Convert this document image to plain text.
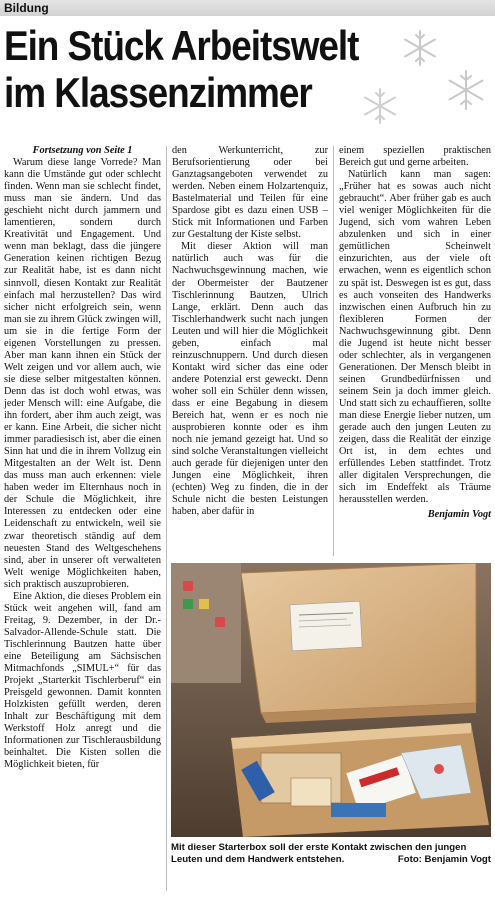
Bildung
Ein Stück Arbeitswelt
im Klassenzimmer

Fortsetzung von Seite 1

Warum diese lange Vorrede? Man kann die Umstände gut oder schlecht finden. Wenn man sie schlecht findet, muss man sie ändern. Und das geschieht nicht durch jammern und lamentieren, sondern durch Kreativität und Engagement. Und wenn man beklagt, dass die jüngere Generation keinen richtigen Bezug zur Realität habe, ist es dann nicht sinnvoll, diesen Kontakt zur Realität einfach mal herzustellen? Das wird sicher nicht erfolgreich sein, wenn man sie zu ihrem Glück zwingen will, um sie in die fertige Form der eigenen Vorstellungen zu pressen. Aber man kann ihnen ein Stück der Welt zeigen und vor allem auch, wie sie diese selber mitgestalten können. Denn das ist doch wohl etwas, was jeder Mensch will: eine Aufgabe, die ihn fordert, aber ihm auch zeigt, was er kann. Eine Arbeit, die sicher nicht immer paradiesisch ist, aber die einen Sinn hat und die in ihrem Vollzug ein Mitgestalten an der Welt ist. Denn das muss man auch erkennen: viele haben weder im Elternhaus noch in der Schule die Möglichkeit, ihre Interessen zu entdecken oder eine Leidenschaft zu entwickeln, weil sie zwar theoretisch ständig auf dem neuesten Stand des Weltgeschehens sind, aber in unserer oft verwalteten Welt wenige Möglichkeiten haben, sich praktisch auszuprobieren.

Eine Aktion, die dieses Problem ein Stück weit angehen will, fand am Freitag, 9. Dezember, in der Dr.-Salvador-Allende-Schule statt. Die Tischlerinnung Bautzen hatte über eine Beteiligung am Sächsischen Mitmachfonds „SIMUL+“ für das Projekt „Starterkit Tischlerberuf“ ein Preisgeld gewonnen. Damit konnten Holzkisten gefüllt werden, deren Inhalt zur Beschäftigung mit dem Werkstoff Holz anregt und die Informationen zur Tischlerausbildung beinhaltet. Die Kisten sollen die Möglichkeit bieten, für

den Werkunterricht, zur Berufsorientierung oder bei Ganztagsangeboten verwendet zu werden. Neben einem Holzartenquiz, Bastelmaterial und Teilen für eine Spardose gibt es dazu einen USB – Stick mit Informationen und Farben zur Gestaltung der Kiste selbst.

Mit dieser Aktion will man natürlich auch was für die Nachwuchsgewinnung machen, wie der Obermeister der Bautzener Tischlerinnung Bautzen, Ulrich Lange, erklärt. Denn auch das Tischlerhandwerk sucht nach jungen Leuten und will hier die Möglichkeit geben, einfach mal reinzuschnuppern. Und durch diesen Kontakt wird sicher das eine oder andere Potenzial erst geweckt. Denn woher soll ein Schüler denn wissen, dass er eine Begabung in diesem Bereich hat, wenn er es noch nie ausprobieren konnte oder es ihm noch nie jemand gezeigt hat. Und so sind solche Veranstaltungen vielleicht auch gerade für diejenigen unter den Jungen eine Möglichkeit, ihren (echten) Weg zu finden, die in der Schule nicht die besten Leistungen haben, aber dafür in

einem speziellen praktischen Bereich gut und gerne arbeiten.

Natürlich kann man sagen: „Früher hat es sowas auch nicht gebraucht“. Aber früher gab es auch viel weniger Möglichkeiten für die Jugend, sich vom wahren Leben abzulenken und sich in einer gemütlichen Scheinwelt einzurichten, aus der viele oft erwachen, wenn es eigentlich schon zu spät ist. Deswegen ist es gut, dass es auch vonseiten des Handwerks inzwischen einen Aufbruch hin zu flexibleren Formen der Nachwuchsgewinnung gibt. Denn die Jugend ist heute nicht besser oder schlechter, als in vergangenen Generationen. Der Mensch bleibt in seinen Grundbedürfnissen und seinem Sein ja doch immer gleich. Und statt sich zu echauffieren, sollte man diese Energie lieber nutzen, um gerade auch den jungen Leuten zu zeigen, dass die Realität der einzige Ort ist, in dem echtes und erfüllendes Leben stattfindet. Trotz aller digitalen Versprechungen, die sich im Endeffekt als Träume herausstellen werden.

Benjamin Vogt
Mit dieser Starterbox soll der erste Kontakt zwischen den jungen Leuten und dem Handwerk entstehen.	Foto: Benjamin Vogt
